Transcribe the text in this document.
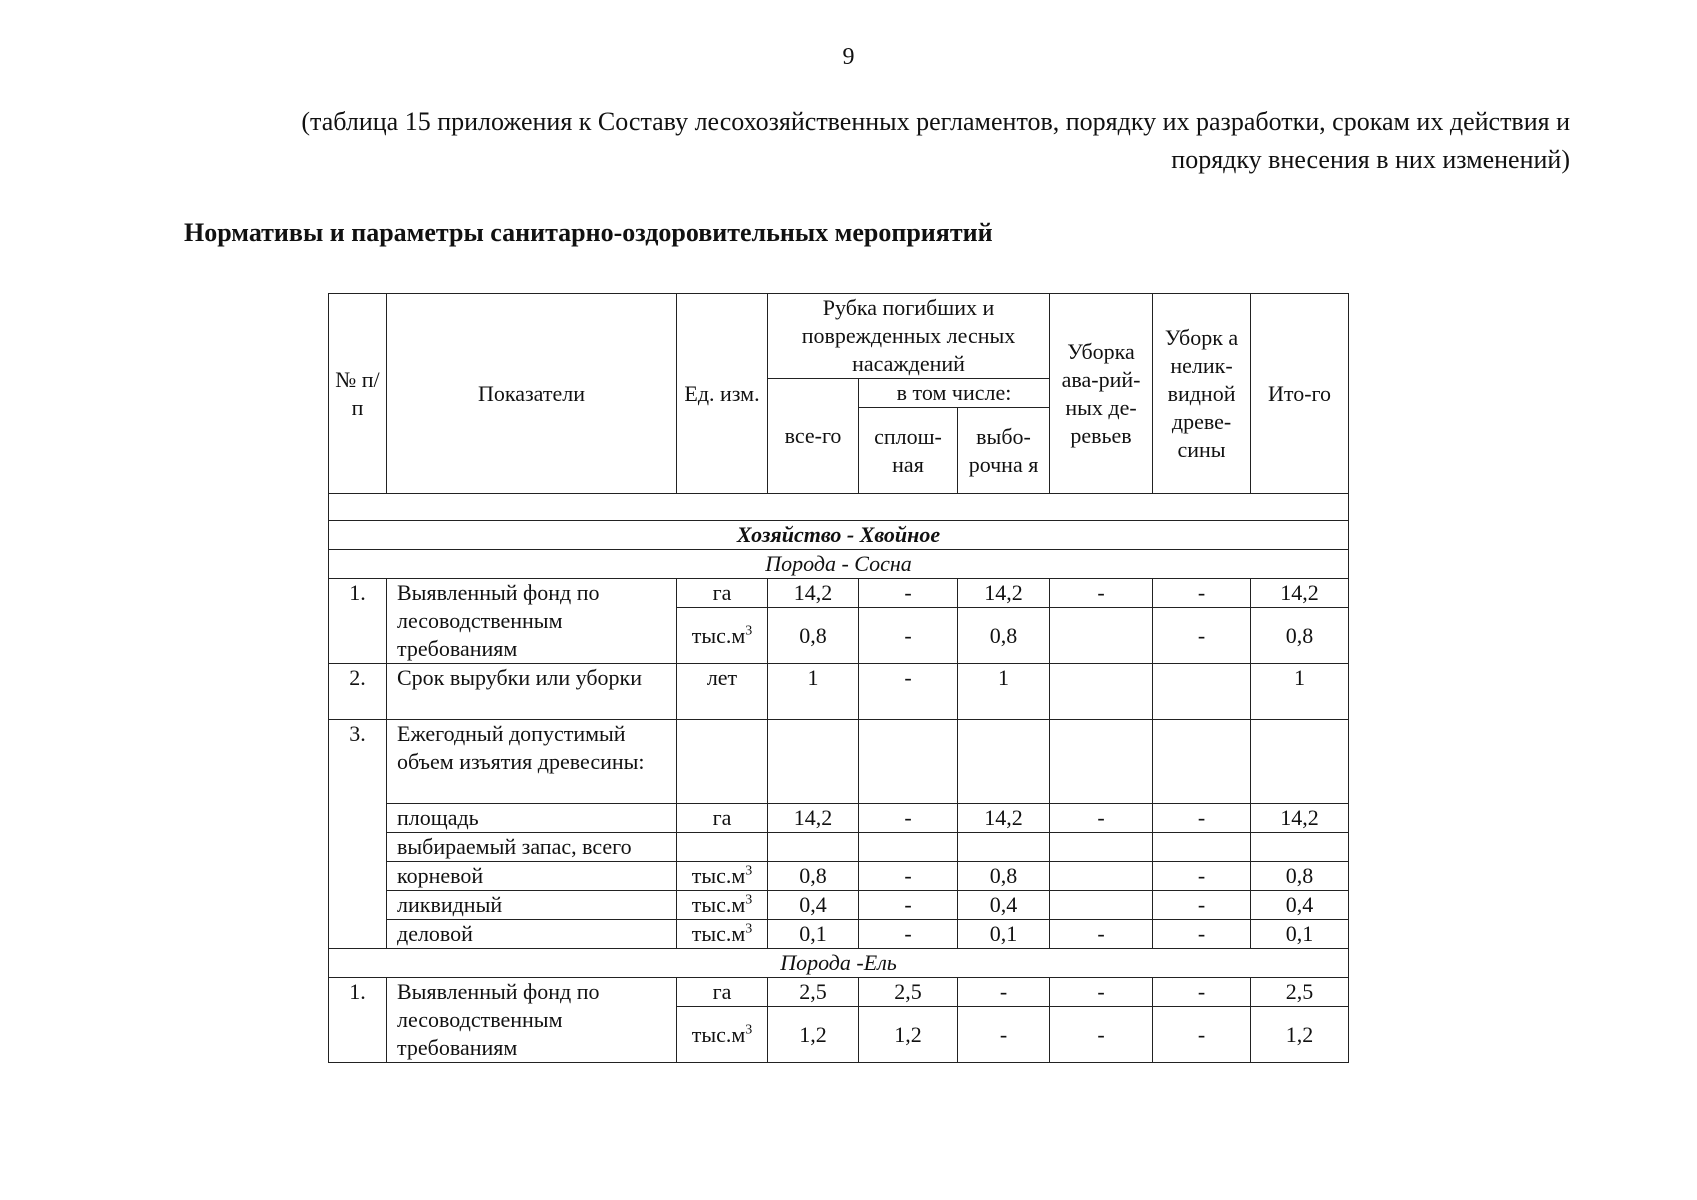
9
(таблица 15 приложения к Составу лесохозяйственных регламентов, порядку их разработки, срокам их действия и
порядку внесения в них изменений)
Нормативы и параметры санитарно-оздоровительных мероприятий
№ п/п	Показатели	Ед. изм.	Рубка погибших и поврежденных лесных насаждений			Уборка ава-рий-ных де-ревьев	Уборк а нелик-видной древе-сины	Ито-го
			все-го	в том числе:				
				сплош-ная	выбо-рочна я			

Хозяйство - Хвойное								
Порода - Сосна								
1.	Выявленный фонд по лесоводственным требованиям	га	14,2	-	14,2	-	-	14,2
		$тыс.м^3$	0,8	-	0,8		-	0,8
2.	Срок вырубки или уборки	лет	1	-	1			1
3.	Ежегодный допустимый объем изъятия древесины:							
	площадь	га	14,2	-	14,2	-	-	14,2
	выбираемый запас, всего							
	корневой	$тыс.м^3$	0,8	-	0,8		-	0,8
	ликвидный	$тыс.м^3$	0,4	-	0,4		-	0,4
	деловой	$тыс.м^3$	0,1	-	0,1	-	-	0,1
Порода -Ель								
1.	Выявленный фонд по лесоводственным требованиям	га	2,5	2,5	-	-	-	2,5
		$тыс.м^3$	1,2	1,2	-	-	-	1,2
